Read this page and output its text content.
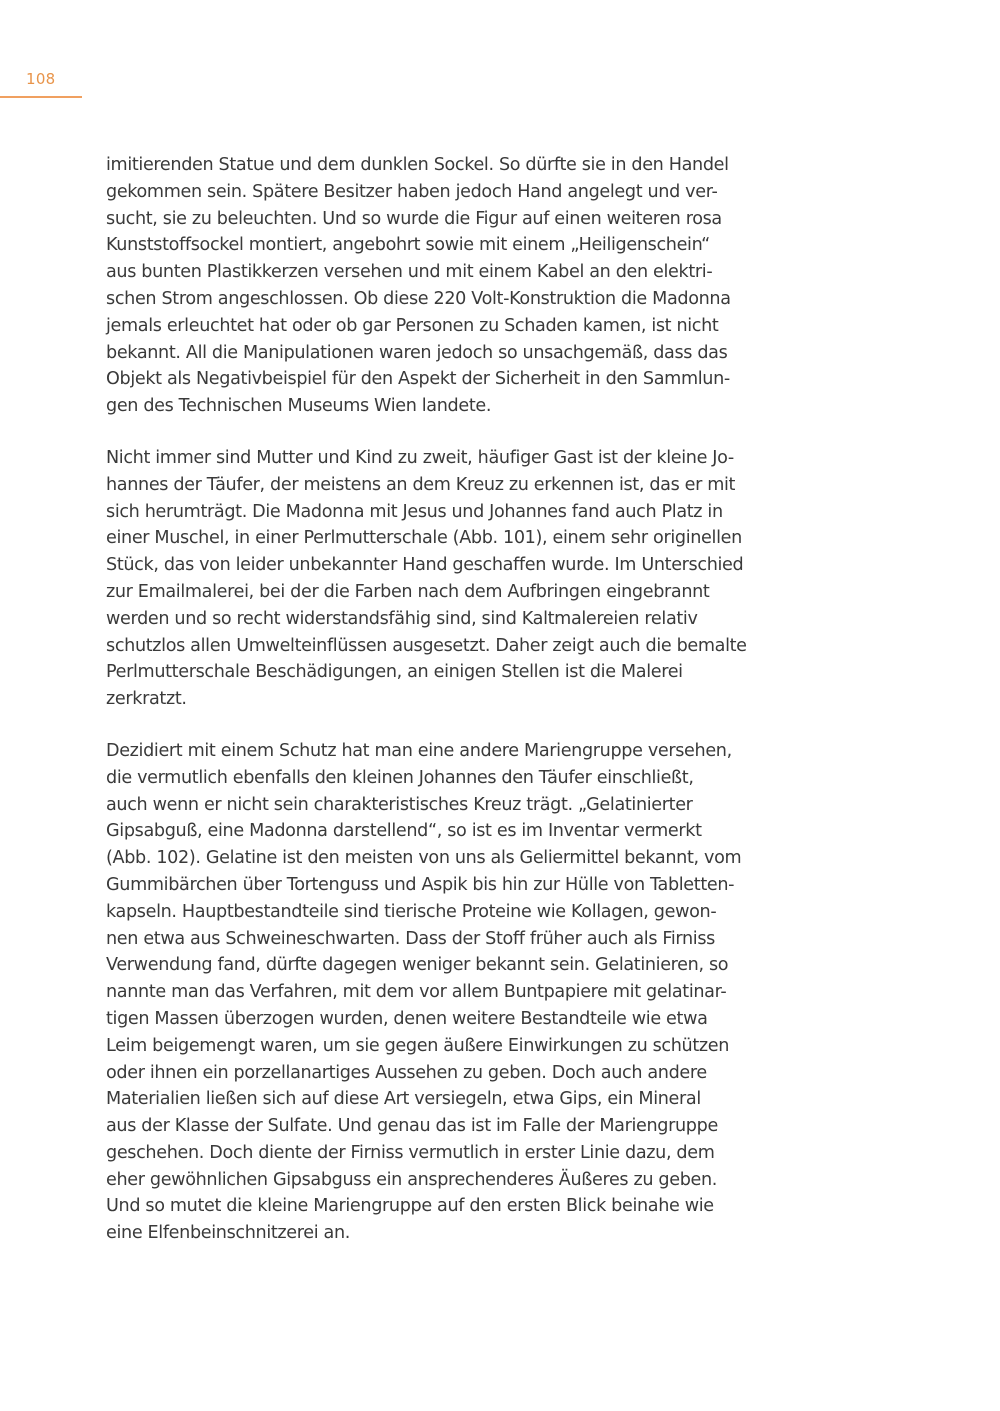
108

imitierenden Statue und dem dunklen Sockel. So dürfte sie in den Handel
gekommen sein. Spätere Besitzer haben jedoch Hand angelegt und ver-
sucht, sie zu beleuchten. Und so wurde die Figur auf einen weiteren rosa
Kunststoffsockel montiert, angebohrt sowie mit einem „Heiligenschein“
aus bunten Plastikkerzen versehen und mit einem Kabel an den elektri-
schen Strom angeschlossen. Ob diese 220 Volt-Konstruktion die Madonna
jemals erleuchtet hat oder ob gar Personen zu Schaden kamen, ist nicht
bekannt. All die Manipulationen waren jedoch so unsachgemäß, dass das
Objekt als Negativbeispiel für den Aspekt der Sicherheit in den Sammlun-
gen des Technischen Museums Wien landete.

Nicht immer sind Mutter und Kind zu zweit, häufiger Gast ist der kleine Jo-
hannes der Täufer, der meistens an dem Kreuz zu erkennen ist, das er mit
sich herumträgt. Die Madonna mit Jesus und Johannes fand auch Platz in
einer Muschel, in einer Perlmutterschale (Abb. 101), einem sehr originellen
Stück, das von leider unbekannter Hand geschaffen wurde. Im Unterschied
zur Emailmalerei, bei der die Farben nach dem Aufbringen eingebrannt
werden und so recht widerstandsfähig sind, sind Kaltmalereien relativ
schutzlos allen Umwelteinflüssen ausgesetzt. Daher zeigt auch die bemalte
Perlmutterschale Beschädigungen, an einigen Stellen ist die Malerei
zerkratzt.

Dezidiert mit einem Schutz hat man eine andere Mariengruppe versehen,
die vermutlich ebenfalls den kleinen Johannes den Täufer einschließt,
auch wenn er nicht sein charakteristisches Kreuz trägt. „Gelatinierter
Gipsabguß, eine Madonna darstellend“, so ist es im Inventar vermerkt
(Abb. 102). Gelatine ist den meisten von uns als Geliermittel bekannt, vom
Gummibärchen über Tortenguss und Aspik bis hin zur Hülle von Tabletten-
kapseln. Hauptbestandteile sind tierische Proteine wie Kollagen, gewon-
nen etwa aus Schweineschwarten. Dass der Stoff früher auch als Firniss
Verwendung fand, dürfte dagegen weniger bekannt sein. Gelatinieren, so
nannte man das Verfahren, mit dem vor allem Buntpapiere mit gelatinar-
tigen Massen überzogen wurden, denen weitere Bestandteile wie etwa
Leim beigemengt waren, um sie gegen äußere Einwirkungen zu schützen
oder ihnen ein porzellanartiges Aussehen zu geben. Doch auch andere
Materialien ließen sich auf diese Art versiegeln, etwa Gips, ein Mineral
aus der Klasse der Sulfate. Und genau das ist im Falle der Mariengruppe
geschehen. Doch diente der Firniss vermutlich in erster Linie dazu, dem
eher gewöhnlichen Gipsabguss ein ansprechenderes Äußeres zu geben.
Und so mutet die kleine Mariengruppe auf den ersten Blick beinahe wie
eine Elfenbeinschnitzerei an.
